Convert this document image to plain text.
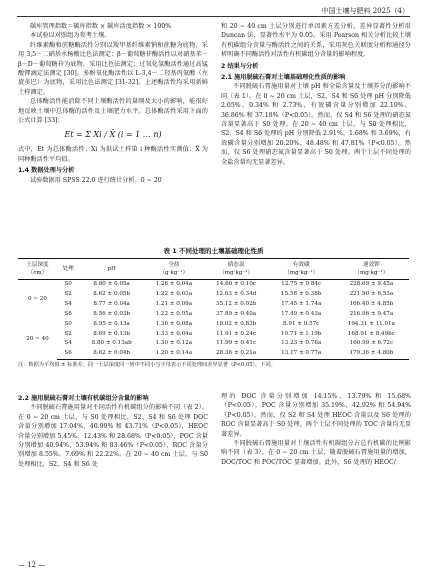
中国土壤与肥料 2025（4）

碳库管理指数＝碳库指数 × 碳库活度指数 × 100%

本试验以对照组为参考土壤。

纤维素酶和蔗糖酶活性分别以羧甲基纤维素钠和蔗糖为底物，采用 3,5－二硝基水杨酸比色法测定；β－葡萄糖苷酶活性以对硝基苯－β－D－葡萄糖苷为底物，采用比色法测定；过氧化氢酶活性通过高锰酸钾滴定法测定 [30]。多酚氧化酶活性以 L-3,4－二羟基丙氨酸（左旋多巴）为底物，采用比色法测定 [31-32]。上述酶活性均采用新鲜土样测定。

总体酶活性能消除不同土壤酶活性的量纲及大小的影响，能很好地反映土壤中总体酶的活性及土壤肥力水平。总体酶活性采用下面的公式计算 [33]：

Et = Σ Xi / X̄ (i = 1 … n)

式中，Et 为总体酶活性；Xi 为供试土样第 i 种酶活性实测值；X̄ 为同种酶活性平均值。

1.4 数据处理与分析

试验数据用 SPSS 22.0 进行统计分析。0 ~ 20

和 20 ~ 40 cm 土层分别进行单因素方差分析，差异显著性分析用 Duncan 法，显著性水平为 0.05。采用 Pearson 相关分析比较土壤有机碳组分含量与酶活性之间的关系，采用灰色关联度分析和通径分析明确不同酶活性对活性有机碳组分含量的影响程度。

2 结果与分析

2.1 施用脱硫石膏对土壤基础理化性质的影响

不同脱硫石膏施用量对土壤 pH 和全盐含量及土壤养分的影响不同（表 1）。在 0 ~ 20 cm 土层，S2、S4 和 S6 处理 pH 分别降低 2.05%、0.34% 和 2.73%，有效磷含量分别增加 22.19%、36.86% 和 37.18%（P<0.05）。然而，仅 S4 和 S6 处理的硝态氮含量显著高于 S0 处理。在 20 ~ 40 cm 土层，与 S0 处理相比，S2、S4 和 S6 处理的 pH 分别降低 2.91%、1.68% 和 3.69%，有效磷含量分别增加 20.20%、48.48% 和 47.81%（P<0.05）。然而，仅 S6 处理硝态氮含量显著高于 S0 处理。两个土层不同处理的全盐含量均无显著差异。

表 1 不同处理的土壤基础理化性质
土层深度
（cm）	处理	pH	全盐
（g·kg⁻¹）	硝态氮
（mg·kg⁻¹）	有效磷
（mg·kg⁻¹）	速效钾
（mg·kg⁻¹）
0 ~ 20	S0	8.80 ± 0.05a	1.26 ± 0.04a	14.60 ± 0.10c	12.75 ± 0.84c	228.69 ± 9.45a
	S2	8.62 ± 0.05b	1.22 ± 0.03a	12.63 ± 0.34d	15.58 ± 0.38b	221.90 ± 6.53a
	S4	8.77 ± 0.04a	1.21 ± 0.09a	35.12 ± 0.02b	17.45 ± 1.74a	166.40 ± 4.85b
	S6	8.56 ± 0.03b	1.22 ± 0.05a	37.89 ± 0.40a	17.49 ± 0.43a	216.96 ± 9.47a
20 ~ 40	S0	8.95 ± 0.13a	1.36 ± 0.08a	18.02 ± 0.83b	8.91 ± 0.57c	194.31 ± 11.01a
	S2	8.69 ± 0.13b	1.33 ± 0.04a	11.91 ± 0.24c	10.71 ± 1.19b	168.91 ± 8.49bc
	S4	8.80 ± 0.13ab	1.30 ± 0.12a	11.99 ± 0.41c	13.23 ± 0.76a	160.99 ± 6.72c
	S6	8.62 ± 0.04b	1.20 ± 0.14a	28.36 ± 0.21a	13.17 ± 0.77a	179.36 ± 4.80b
注：数据为平均值 ± 标准差；同一土层深度同一列中不同小写字母表示不同处理间差异显著（P<0.05）。下同。

2.2 施用脱硫石膏对土壤有机碳组分含量的影响

不同脱硫石膏施用量对不同活性有机碳组分的影响不同（表 2）。在 0 ~ 20 cm 土层，与 S0 处理相比，S2、S4 和 S6 处理 DOC 含量分别增加 17.04%、40.99% 和 43.71%（P<0.05），HEOC 含量分别增加 5.45%、12.43% 和 28.68%（P<0.05），POC 含量分别增加 40.94%、53.94% 和 83.46%（P<0.05），ROC 含量分别增加 8.55%、7.69% 和 22.22%。在 20 ~ 40 cm 土层，与 S0 处理相比，S2、S4 和 S6 处

理的 DOC 含量分别增加 14.15%、13.79% 和 15.68%（P<0.05），POC 含量分别增加 35.19%、42.92% 和 54.94%（P<0.05）。然而，仅 S2 和 S4 处理 HEOC 含量以及 S6 处理的 ROC 含量显著高于 S0 处理。两个土层不同处理的 TOC 含量均无显著差异。

不同脱硫石膏施用量对土壤活性有机碳组分占总有机碳的比例影响不同（表 3）。在 0 ~ 20 cm 土层，随着脱硫石膏施用量的增加，DOC/TOC 和 POC/TOC 显著增加。此外，S6 处理的 HEOC/

— 12 —
